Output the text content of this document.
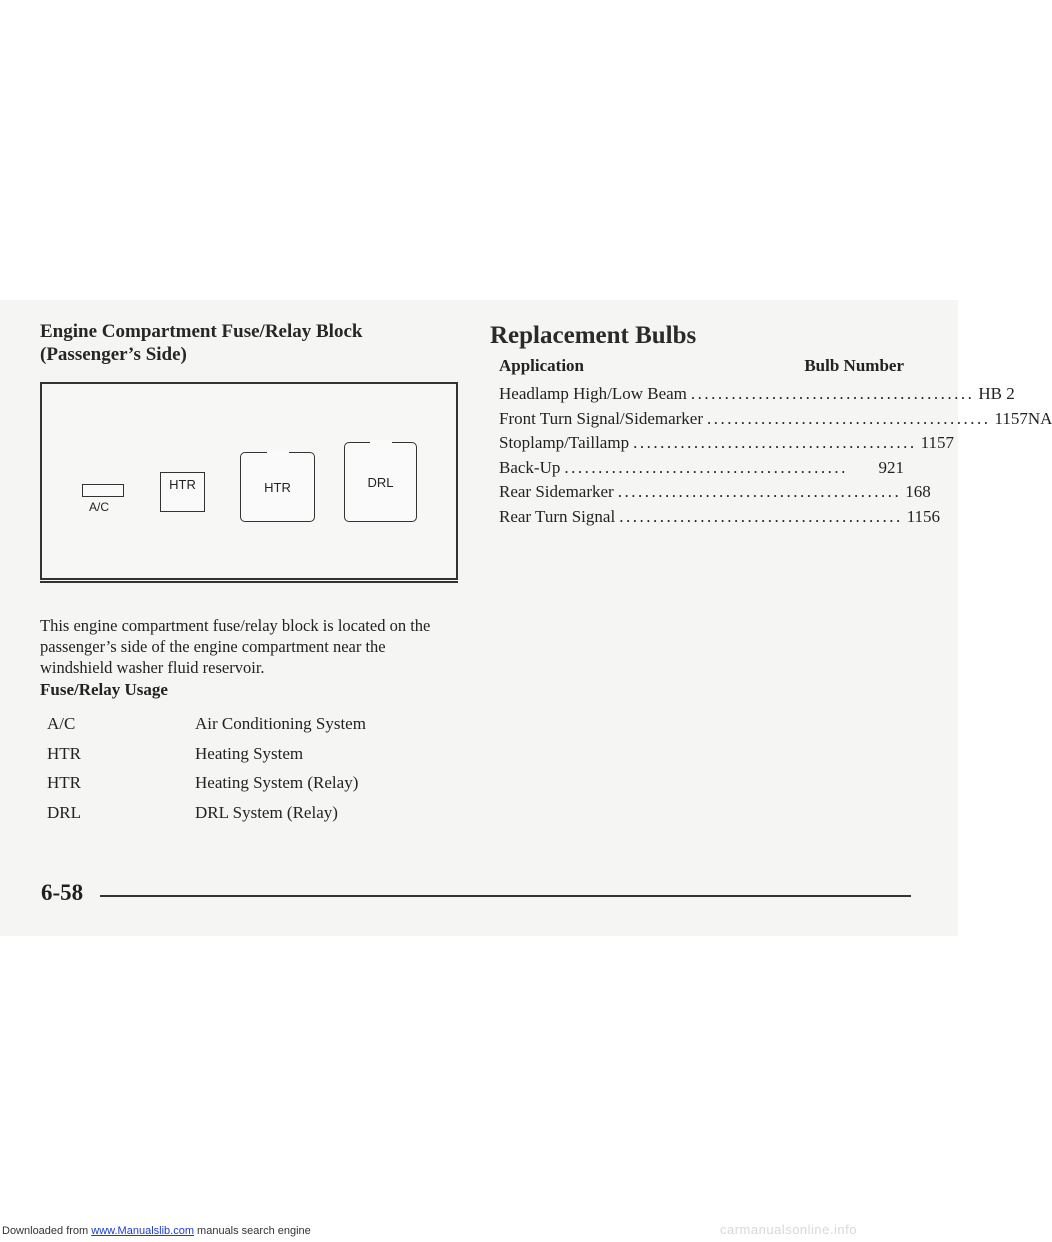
Engine Compartment Fuse/Relay Block
(Passenger’s Side)
A/C
HTR	HTR	DRL
This engine compartment fuse/relay block is located on the passenger’s side of the engine compartment near the windshield washer fluid reservoir.
Fuse/Relay Usage
A/C	Air Conditioning System
HTR	Heating System
HTR	Heating System (Relay)
DRL	DRL System (Relay)
Replacement Bulbs
Application	Bulb Number
Headlamp High/Low Beam .......................................... HB 2
Front Turn Signal/Sidemarker .......................................... 1157NA
Stoplamp/Taillamp .......................................... 1157
Back-Up ..........................................	921
Rear Sidemarker .......................................... 168
Rear Turn Signal .......................................... 1156
6-58
Downloaded from www.Manualslib.com manuals search engine	carmanualsonline.info
